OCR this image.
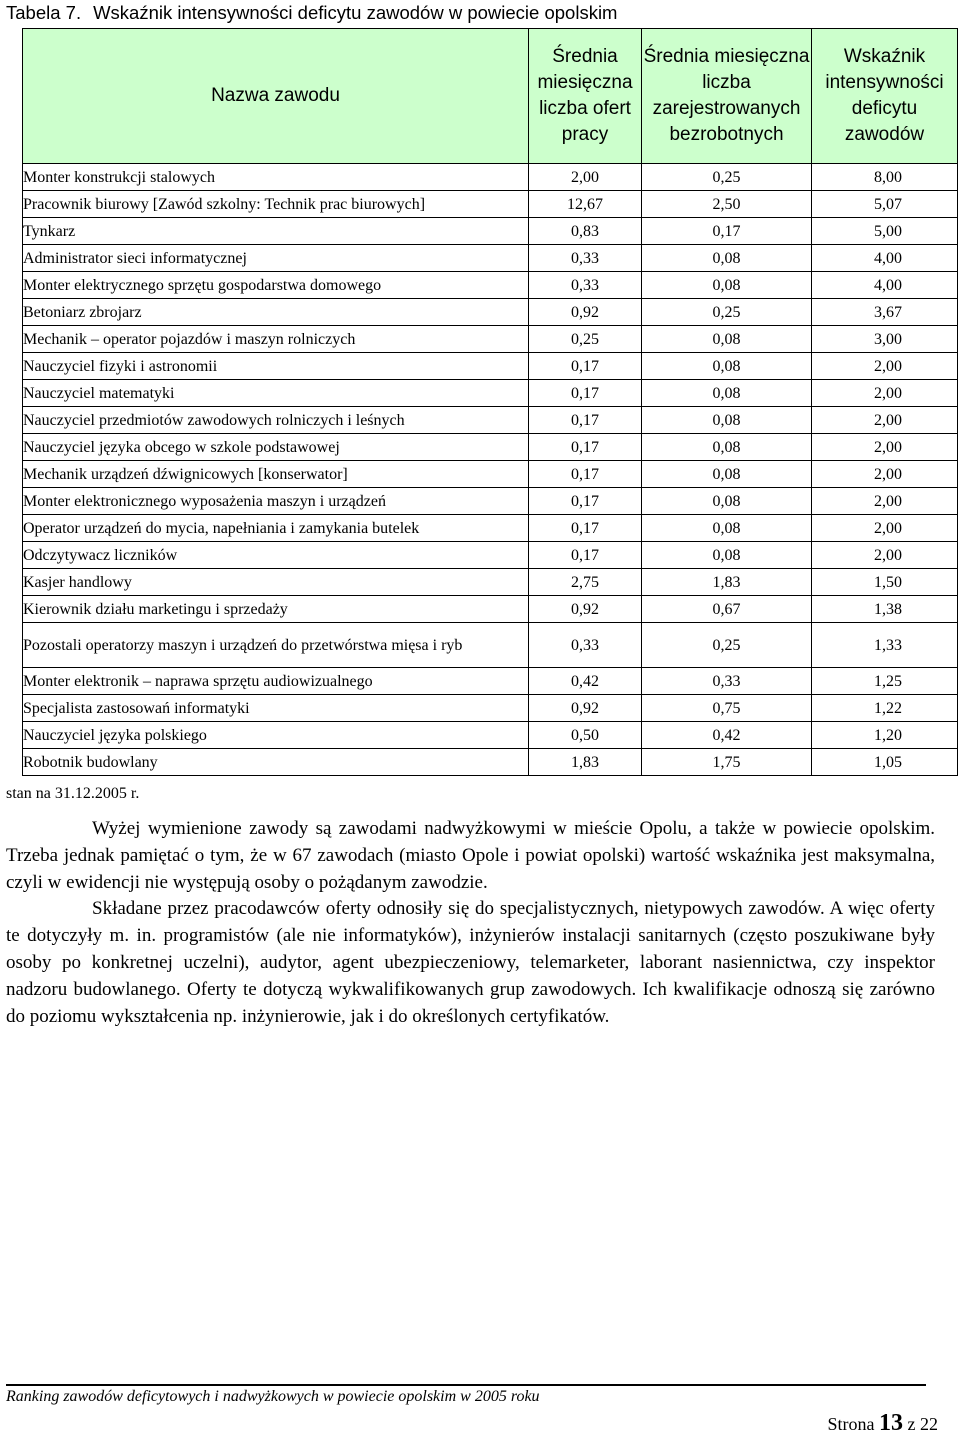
Tabela 7. Wskaźnik intensywności deficytu zawodów w powiecie opolskim
Nazwa zawodu	Średnia miesięczna liczba ofert pracy	Średnia miesięczna liczba zarejestrowanych bezrobotnych	Wskaźnik intensywności deficytu zawodów
Monter konstrukcji stalowych	2,00	0,25	8,00
Pracownik biurowy [Zawód szkolny: Technik prac biurowych]	12,67	2,50	5,07
Tynkarz	0,83	0,17	5,00
Administrator sieci informatycznej	0,33	0,08	4,00
Monter elektrycznego sprzętu gospodarstwa domowego	0,33	0,08	4,00
Betoniarz zbrojarz	0,92	0,25	3,67
Mechanik – operator pojazdów i maszyn rolniczych	0,25	0,08	3,00
Nauczyciel fizyki i astronomii	0,17	0,08	2,00
Nauczyciel matematyki	0,17	0,08	2,00
Nauczyciel przedmiotów zawodowych rolniczych i leśnych	0,17	0,08	2,00
Nauczyciel języka obcego w szkole podstawowej	0,17	0,08	2,00
Mechanik urządzeń dźwignicowych [konserwator]	0,17	0,08	2,00
Monter elektronicznego wyposażenia maszyn i urządzeń	0,17	0,08	2,00
Operator urządzeń do mycia, napełniania i zamykania butelek	0,17	0,08	2,00
Odczytywacz liczników	0,17	0,08	2,00
Kasjer handlowy	2,75	1,83	1,50
Kierownik działu marketingu i sprzedaży	0,92	0,67	1,38
Pozostali operatorzy maszyn i urządzeń do przetwórstwa mięsa i ryb	0,33	0,25	1,33
Monter elektronik – naprawa sprzętu audiowizualnego	0,42	0,33	1,25
Specjalista zastosowań informatyki	0,92	0,75	1,22
Nauczyciel języka polskiego	0,50	0,42	1,20
Robotnik budowlany	1,83	1,75	1,05
stan na 31.12.2005 r.

Wyżej wymienione zawody są zawodami nadwyżkowymi w mieście Opolu, a także w powiecie opolskim. Trzeba jednak pamiętać o tym, że w 67 zawodach (miasto Opole i powiat opolski) wartość wskaźnika jest maksymalna, czyli w ewidencji nie występują osoby o pożądanym zawodzie.

Składane przez pracodawców oferty odnosiły się do specjalistycznych, nietypowych zawodów. A więc oferty te dotyczyły m. in. programistów (ale nie informatyków), inżynierów instalacji sanitarnych (często poszukiwane były osoby po konkretnej uczelni), audytor, agent ubezpieczeniowy, telemarketer, laborant nasiennictwa, czy inspektor nadzoru budowlanego. Oferty te dotyczą wykwalifikowanych grup zawodowych. Ich kwalifikacje odnoszą się zarówno do poziomu wykształcenia np. inżynierowie, jak i do określonych certyfikatów.

Ranking zawodów deficytowych i nadwyżkowych w powiecie opolskim w 2005 roku
Strona 13 z 22
